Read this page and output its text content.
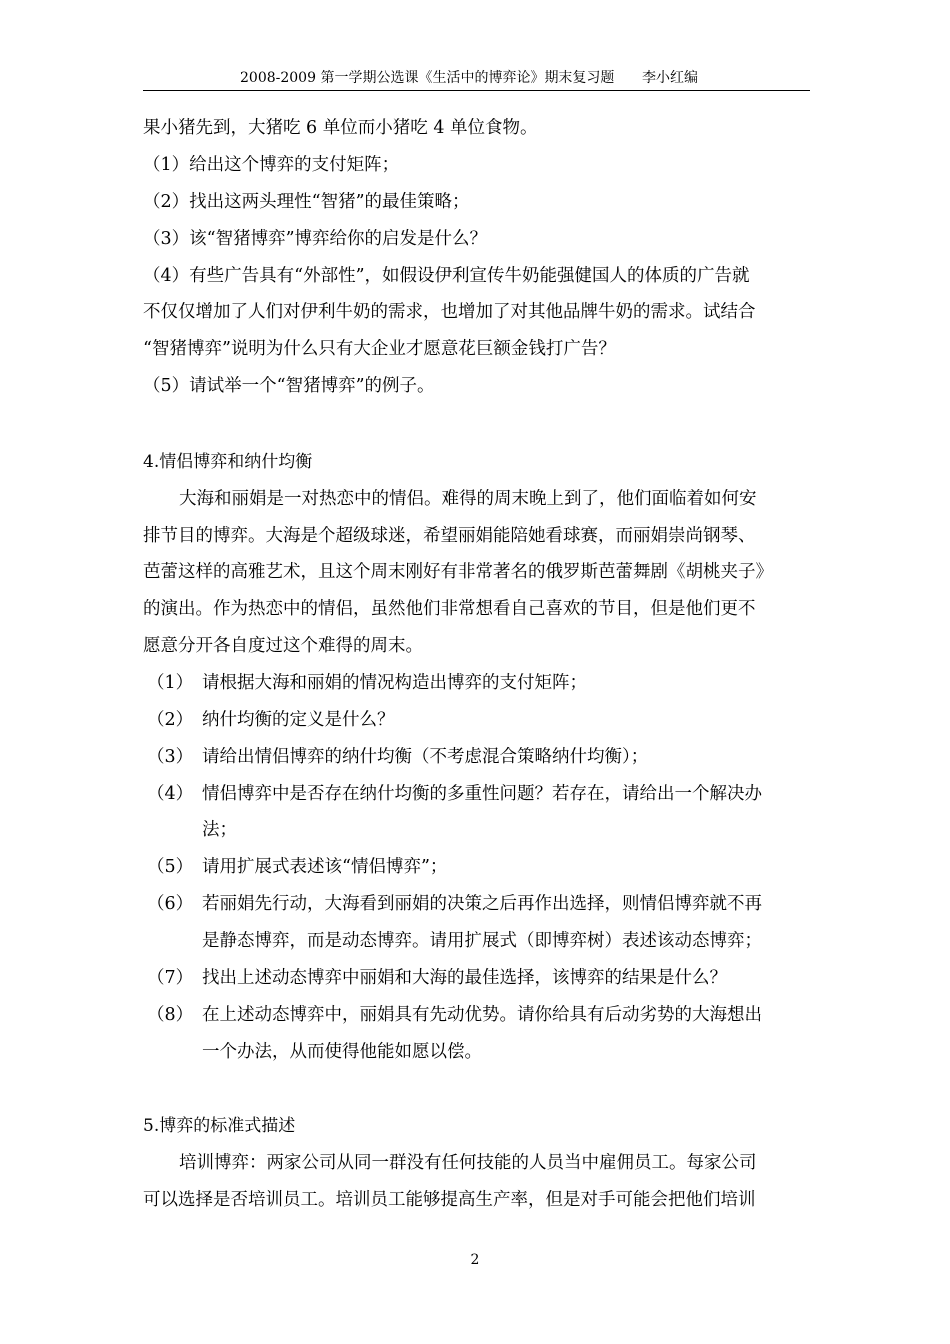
2008-2009 第一学期公选课《生活中的博弈论》期末复习题 李小红编
果小猪先到，大猪吃 6 单位而小猪吃 4 单位食物。
（1）给出这个博弈的支付矩阵；
（2）找出这两头理性“智猪”的最佳策略；
（3）该“智猪博弈”博弈给你的启发是什么？
（4）有些广告具有“外部性”，如假设伊利宣传牛奶能强健国人的体质的广告就
不仅仅增加了人们对伊利牛奶的需求，也增加了对其他品牌牛奶的需求。试结合
“智猪博弈”说明为什么只有大企业才愿意花巨额金钱打广告？
（5）请试举一个“智猪博弈”的例子。
4.情侣博弈和纳什均衡
大海和丽娟是一对热恋中的情侣。难得的周末晚上到了，他们面临着如何安
排节目的博弈。大海是个超级球迷，希望丽娟能陪她看球赛，而丽娟崇尚钢琴、
芭蕾这样的高雅艺术，且这个周末刚好有非常著名的俄罗斯芭蕾舞剧《胡桃夹子》
的演出。作为热恋中的情侣，虽然他们非常想看自己喜欢的节目，但是他们更不
愿意分开各自度过这个难得的周末。
（1） 请根据大海和丽娟的情况构造出博弈的支付矩阵；
（2） 纳什均衡的定义是什么？
（3） 请给出情侣博弈的纳什均衡（不考虑混合策略纳什均衡）；
（4） 情侣博弈中是否存在纳什均衡的多重性问题？若存在，请给出一个解决办
法；
（5） 请用扩展式表述该“情侣博弈”；
（6） 若丽娟先行动，大海看到丽娟的决策之后再作出选择，则情侣博弈就不再
是静态博弈，而是动态博弈。请用扩展式（即博弈树）表述该动态博弈；
（7） 找出上述动态博弈中丽娟和大海的最佳选择，该博弈的结果是什么？
（8） 在上述动态博弈中，丽娟具有先动优势。请你给具有后动劣势的大海想出
一个办法，从而使得他能如愿以偿。
5.博弈的标准式描述
培训博弈：两家公司从同一群没有任何技能的人员当中雇佣员工。每家公司
可以选择是否培训员工。培训员工能够提高生产率，但是对手可能会把他们培训
2
